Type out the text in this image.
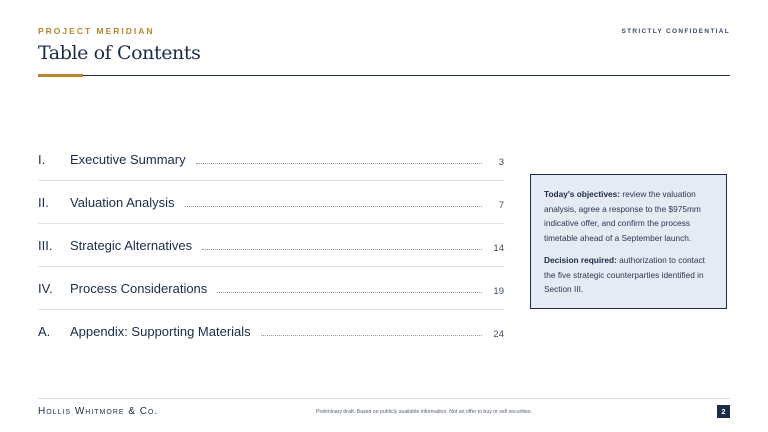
PROJECT MERIDIAN	STRICTLY CONFIDENTIAL
Table of Contents
I.	Executive Summary	3
II.	Valuation Analysis	7
III.	Strategic Alternatives	14
IV.	Process Considerations	19
A.	Appendix: Supporting Materials	24

Today's objectives: review the valuation analysis, agree a response to the $975mm indicative offer, and confirm the process timetable ahead of a September launch.

Decision required: authorization to contact the five strategic counterparties identified in Section III.

Hollis Whitmore & Co.	Preliminary draft. Based on publicly available information. Not an offer to buy or sell securities.	2
